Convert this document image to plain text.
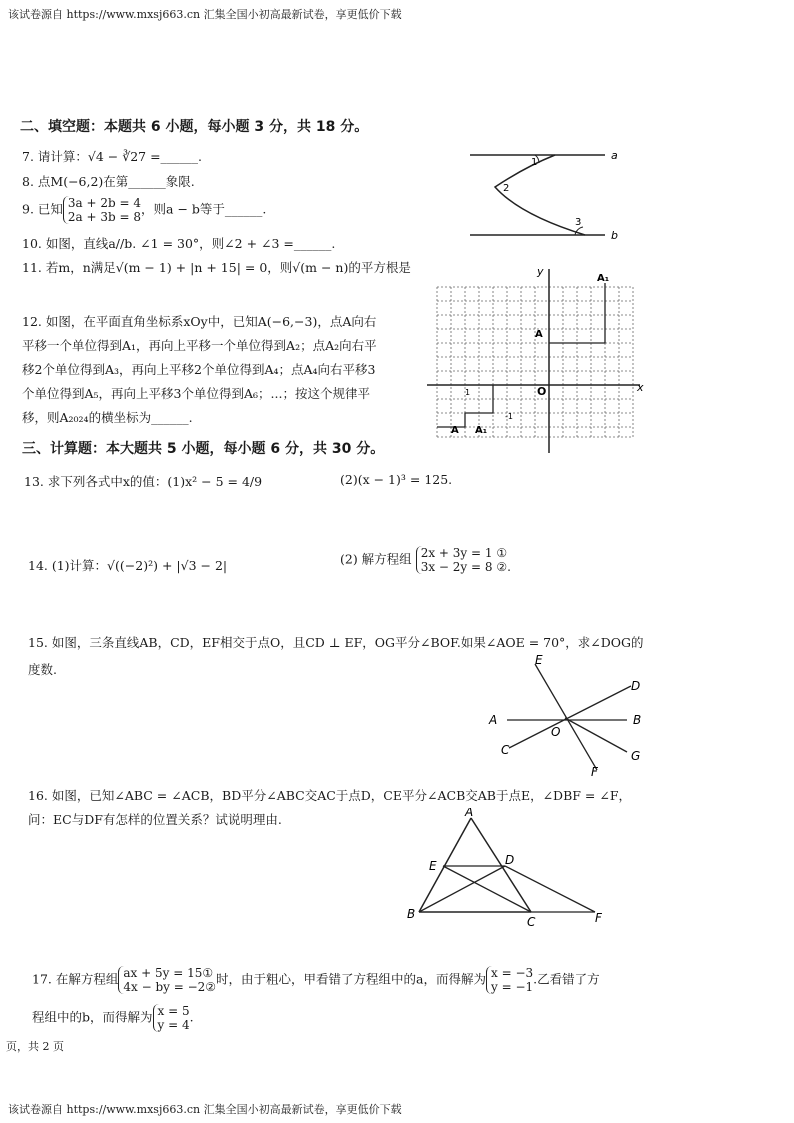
该试卷源自 https://www.mxsj663.cn 汇集全国小初高最新试卷，享更低价下载
二、填空题：本题共 6 小题，每小题 3 分，共 18 分。
7. 请计算：√4 − ∛27 =______.
8. 点M(−6,2)在第______象限.
9. 已知 3a + 2b = 4
2a + 3b = 8，则a − b等于______.
10. 如图，直线a//b. ∠1 = 30°，则∠2 + ∠3 =______.
11. 若m，n满足√(m − 1) + |n + 15| = 0，则√(m − n)的平方根是
12. 如图，在平面直角坐标系xOy中，已知A(−6,−3)，点A向右
平移一个单位得到A₁，再向上平移一个单位得到A₂；点A₂向右平
移2个单位得到A₃，再向上平移2个单位得到A₄；点A₄向右平移3
个单位得到A₅，再向上平移3个单位得到A₆；...；按这个规律平
移，则A₂₀₂₄的横坐标为______.
a
b
1
2
3
y
x
O
A₁
A
A₁
1
-1
A
三、计算题：本大题共 5 小题，每小题 6 分，共 30 分。
13. 求下列各式中x的值：(1)x² − 5 = 4/9	(2)(x − 1)³ = 125.
14. (1)计算：√((−2)²) + |√3 − 2|	(2) 解方程组 2x + 3y = 1 ①
3x − 2y = 8 ②.
15. 如图，三条直线AB，CD，EF相交于点O，且CD ⊥ EF，OG平分∠BOF.如果∠AOE = 70°，求∠DOG的
度数.
E
D
A	B
O
C	G
F
16. 如图，已知∠ABC = ∠ACB，BD平分∠ABC交AC于点D，CE平分∠ACB交AB于点E，∠DBF = ∠F，
问：EC与DF有怎样的位置关系？试说明理由.	A
E	D
B
C	F
17. 在解方程组 ax + 5y = 15①
4x − by = −2②时，由于粗心，甲看错了方程组中的a，而得解为 x = −3
y = −1.乙看错了方
程组中的b，而得解为 x = 5
y = 4.
页，共 2 页
该试卷源自 https://www.mxsj663.cn 汇集全国小初高最新试卷，享更低价下载
